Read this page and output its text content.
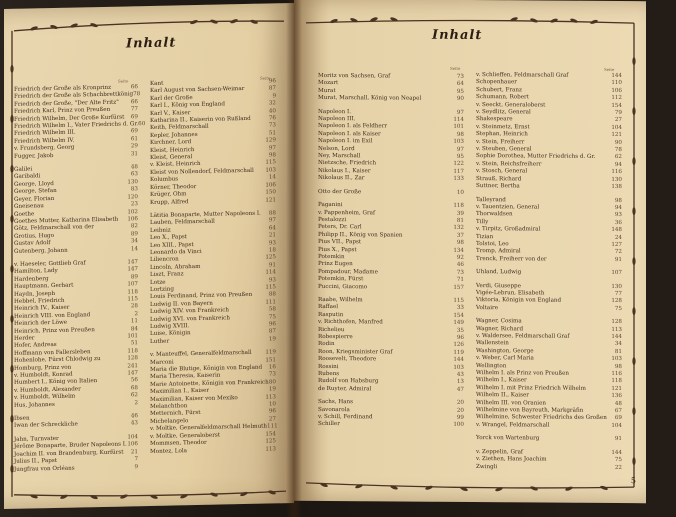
Inhalt
Seite
Seite
Friedrich der Große als Kronprinz	66
Friedrich der Große als Schachbrettkönig 78
Friedrich der Große, "Der Alte Fritz"	66
Friedrich Karl, Prinz von Preußen	77
Friedrich Wilhelm, Der Große Kurfürst	69
Friedrich Wilhelm I., Vater Friedrichs d. Gr. 60
Friedrich Wilhelm III.	69
Friedrich Wilhelm IV.	61
v. Frundsberg, Georg	29
Fugger, Jakob	31
Galilei	48
Garibaldi	63
George, Lloyd	130
George, Stefan	83
Geyer, Florian	120
Gneisenau	23
Goethe	102
Goethes Mutter, Katharina Elisabeth	106
Götz, Feldmarschall von der	82
Grotius, Hugo	89
Gustav Adolf	34
Gutenberg, Johann	14
v. Haeseler, Gottlieb Graf	147
Hamilton, Lady	147
Hardenberg	89
Hauptmann, Gerhart	107
Haydn, Joseph	118
Hebbel, Friedrich	115
Heinrich IV., Kaiser	28
Heinrich VIII. von England	2
Heinrich der Löwe	11
Heinrich, Prinz von Preußen	84
Herder	101
Hofer, Andreas	51
Hoffmann von Fallersleben	118
Hohenlohe, Fürst Chlodwig zu	128
Homburg, Prinz von	241
v. Humboldt, Konrad	147
Humbert I., König von Italien	56
v. Humboldt, Alexander	68
v. Humboldt, Wilhelm	62
Hus, Johannes	2
Ibsen	46
Iwan der Schreckliche	43
Jahn, Turnvater	104
Jérôme Bonaparte, Bruder Napoleons I. 106
Joachim II. von Brandenburg, Kurfürst	21
Julius II., Papst	7
Jungfrau von Orléans	9
Kant	96
Karl August von Sachsen-Weimar	87
Karl der Große	9
Karl I., König von England	32
Karl V., Kaiser	40
Katharina II., Kaiserin von Rußland	76
Keith, Feldmarschall	73
Kepler, Johannes	51
Kirchner, Lord	129
Kleist, Heinrich	97
Kleist, General	98
v. Kleist, Heinrich	115
Kleist von Nollendorf, Feldmarschall	103
Kolumbus	14
Körner, Theodor	106
Krüger, Ohm	150
Krupp, Alfred	121
Lätitia Bonaparte, Mutter Napoleons I.	88
Lauben, Feldmarschall	97
Leibniz	64
Leo X., Papst	21
Leo XIII., Papst	93
Leonardo da Vinci	18
Liliencron	125
Lincoln, Abraham	91
Liszt, Franz	114
Lotze	93
Lortzing	115
Louis Ferdinand, Prinz von Preußen	88
Ludwig II. von Bayern	111
Ludwig XIV. von Frankreich	58
Ludwig XVI. von Frankreich	75
Ludwig XVIII.	96
Luise, Königin	87
Luther	19
v. Manteuffel, Generalfeldmarschall	119
Marconi	151
Maria die Blutige, Königin von England	16
Maria Theresia, Kaiserin	73
Marie Antoinette, Königin von Frankreich 80
Maximilian I., Kaiser	19
Maximilian, Kaiser von Mexiko	113
Melanchthon	10
Metternich, Fürst	96
Michelangelo	27
v. Moltke, Generalfeldmarschall Helmuth 111
v. Moltke, Generaloberst	154
Mommsen, Theodor	125
Montez, Lola	113
Inhalt
Seite	Seite
Moritz von Sachsen, Graf	73
Mozart	64
Murat	95
Murat, Marschall, König von Neapel	90
Napoleon I.	97
Napoleon III.	114
Napoleon I. als Feldherr	101
Napoleon I. als Kaiser	98
Napoleon I. im Exil	103
Nelson, Lord	97
Ney, Marschall	95
Nietzsche, Friedrich	122
Nikolaus I., Kaiser	117
Nikolaus II., Zar	133
Otto der Große	10
Paganini	118
v. Pappenheim, Graf	39
Pestalozzi	81
Peters, Dr. Carl	132
Philipp II., König von Spanien	37
Pius VII., Papst	98
Pius X., Papst	134
Potemkin	92
Prinz Eugen	46
Pompadour, Madame	73
Potemkin, Fürst	71
Puccini, Giacomo	157
Raabe, Wilhelm	115
Raffael	33
Rasputin	154
v. Richthofen, Manfred	149
Richelieu	35
Robespierre	96
Rodin	126
Roon, Kriegsminister Graf	119
Roosevelt, Theodore	144
Rossini	103
Rubens	43
Rudolf von Habsburg	13
de Ruyter, Admiral	47
Sachs, Hans	20
Savonarola	20
v. Schill, Ferdinand	99
Schiller	100
v. Schlieffen, Feldmarschall Graf	144
Schopenhauer	110
Schubert, Franz	106
Schumann, Robert	112
v. Seeckt, Generaloberst	154
v. Seydlitz, General	79
Shakespeare	27
v. Steinmetz, Ernst	104
Stephan, Heinrich	121
v. Stein, Freiherr	90
v. Steuben, General	78
Sophie Dorothea, Mutter Friedrichs d. Gr.	62
v. Stein, Reichsfreiherr	94
v. Stosch, General	116
Strauß, Richard	130
Suttner, Bertha	138
Talleyrand	98
v. Tauentzien, General	94
Thorwaldsen	93
Tilly	36
v. Tirpitz, Großadmiral	148
Tizian	24
Tolstoi, Leo	127
Tromp, Admiral	72
Trenck, Freiherr von der	91
Uhland, Ludwig	107
Verdi, Giuseppe	130
Vigée-Lebrun, Elisabeth	77
Viktoria, Königin von England	128
Voltaire	75
Wagner, Cosima	128
Wagner, Richard	113
v. Waldersee, Feldmarschall Graf	144
Wallenstein	34
Washington, George	81
v. Weber, Carl Maria	103
Wellington	98
Wilhelm I. als Prinz von Preußen	116
Wilhelm I., Kaiser	118
Wilhelm I. mit Prinz Friedrich Wilhelm	121
Wilhelm II., Kaiser	136
Wilhelm III. von Oranien	48
Wilhelmine von Bayreuth, Markgräfin	67
Wilhelmine, Schwester Friedrichs des Großen	69
v. Wrangel, Feldmarschall	104
Yorck von Wartenburg	91
v. Zeppelin, Graf	144
v. Ziethen, Hans Joachim	75
Zwingli	22
5
